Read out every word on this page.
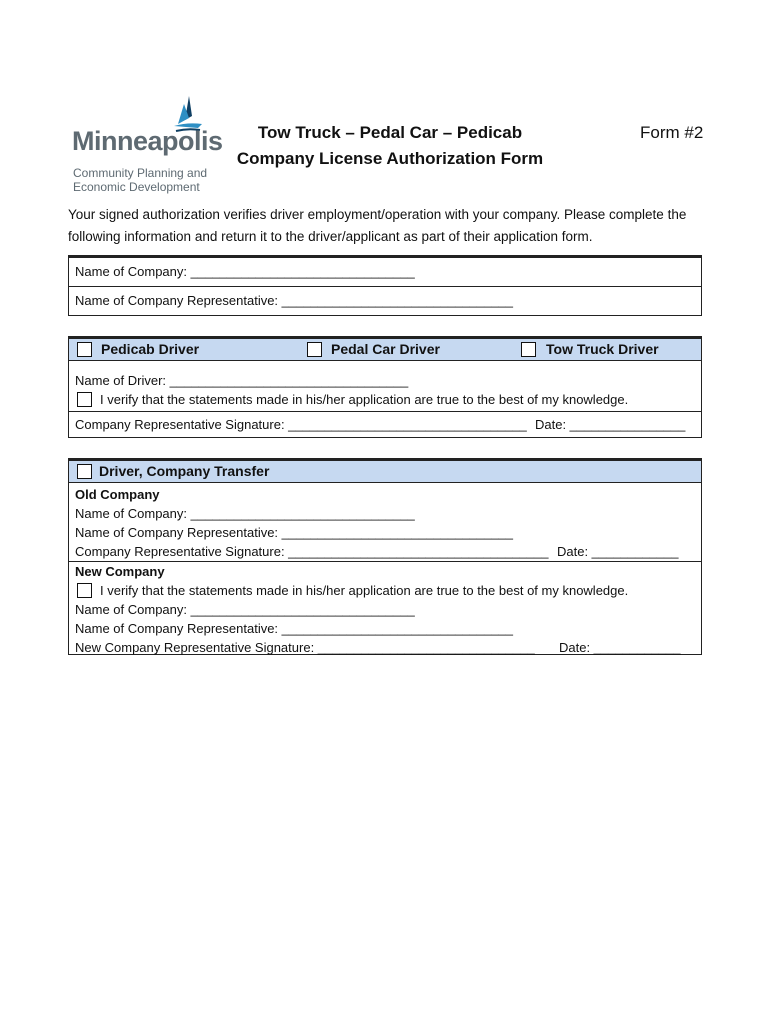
Minneapolis
Community Planning and
Economic Development
Tow Truck – Pedal Car – Pedicab
Company License Authorization Form
Form #2
Your signed authorization verifies driver employment/operation with your company. Please complete the following information and return it to the driver/applicant as part of their application form.
Name of Company: _______________________________
Name of Company Representative: ________________________________
Pedicab Driver	Pedal Car Driver	Tow Truck Driver
Name of Driver: _________________________________
I verify that the statements made in his/her application are true to the best of my knowledge.
Company Representative Signature: _________________________________ Date: ________________
Driver, Company Transfer
Old Company
Name of Company: _______________________________
Name of Company Representative: ________________________________
Company Representative Signature: ____________________________________ Date: ____________
New Company
I verify that the statements made in his/her application are true to the best of my knowledge.
Name of Company: _______________________________
Name of Company Representative: ________________________________
New Company Representative Signature: ______________________________ Date: ____________
